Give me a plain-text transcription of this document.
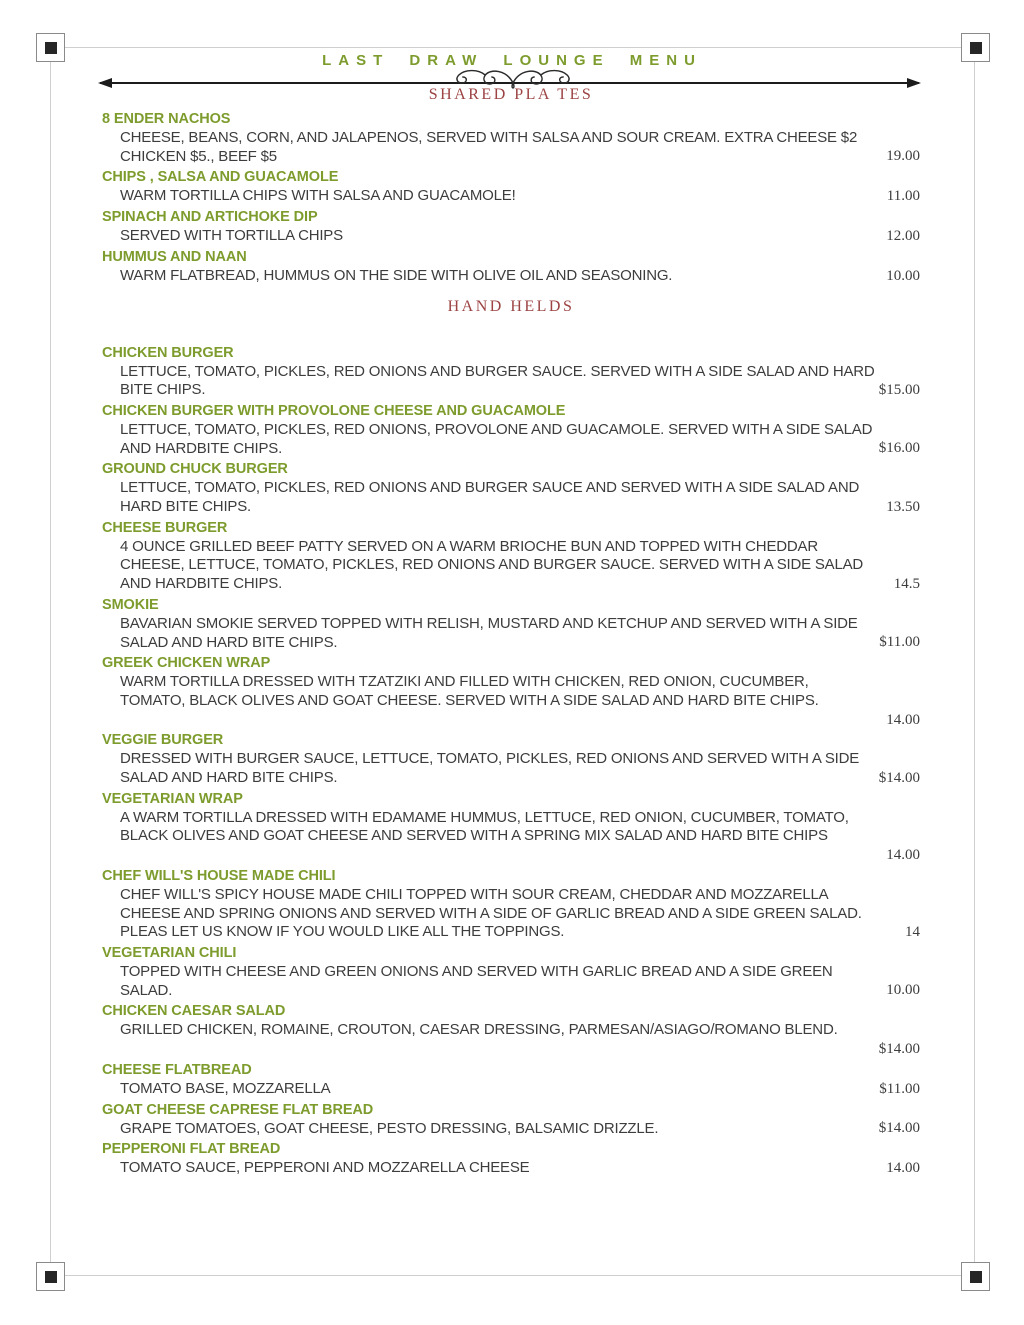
LAST DRAW LOUNGE MENU
SHARED PLA TES
8 ENDER NACHOS
CHEESE, BEANS, CORN, AND JALAPENOS, SERVED WITH SALSA AND SOUR CREAM. EXTRA CHEESE $2
CHICKEN $5., BEEF $5	19.00
CHIPS , SALSA AND GUACAMOLE
WARM TORTILLA CHIPS WITH SALSA AND GUACAMOLE!	11.00
SPINACH AND ARTICHOKE DIP
SERVED WITH TORTILLA CHIPS	12.00
HUMMUS AND NAAN
WARM FLATBREAD, HUMMUS ON THE SIDE WITH OLIVE OIL AND SEASONING.	10.00
HAND HELDS
CHICKEN BURGER
LETTUCE, TOMATO, PICKLES, RED ONIONS AND BURGER SAUCE. SERVED WITH A SIDE SALAD AND HARD
BITE CHIPS.	$15.00
CHICKEN BURGER WITH PROVOLONE CHEESE AND GUACAMOLE
LETTUCE, TOMATO, PICKLES, RED ONIONS, PROVOLONE AND GUACAMOLE. SERVED WITH A SIDE SALAD
AND HARDBITE CHIPS.	$16.00
GROUND CHUCK BURGER
LETTUCE, TOMATO, PICKLES, RED ONIONS AND BURGER SAUCE AND SERVED WITH A SIDE SALAD AND
HARD BITE CHIPS.	13.50
CHEESE BURGER
4 OUNCE GRILLED BEEF PATTY SERVED ON A WARM BRIOCHE BUN AND TOPPED WITH CHEDDAR
CHEESE, LETTUCE, TOMATO, PICKLES, RED ONIONS AND BURGER SAUCE. SERVED WITH A SIDE SALAD
AND HARDBITE CHIPS.	14.5
SMOKIE
BAVARIAN SMOKIE SERVED TOPPED WITH RELISH, MUSTARD AND KETCHUP AND SERVED WITH A SIDE
SALAD AND HARD BITE CHIPS.	$11.00
GREEK CHICKEN WRAP
WARM TORTILLA DRESSED WITH TZATZIKI AND FILLED WITH CHICKEN, RED ONION, CUCUMBER,
TOMATO, BLACK OLIVES AND GOAT CHEESE. SERVED WITH A SIDE SALAD AND HARD BITE CHIPS.
14.00
VEGGIE BURGER
DRESSED WITH BURGER SAUCE, LETTUCE, TOMATO, PICKLES, RED ONIONS AND SERVED WITH A SIDE
SALAD AND HARD BITE CHIPS.	$14.00
VEGETARIAN WRAP
A WARM TORTILLA DRESSED WITH EDAMAME HUMMUS, LETTUCE, RED ONION, CUCUMBER, TOMATO,
BLACK OLIVES AND GOAT CHEESE AND SERVED WITH A SPRING MIX SALAD AND HARD BITE CHIPS
14.00
CHEF WILL'S HOUSE MADE CHILI
CHEF WILL'S SPICY HOUSE MADE CHILI TOPPED WITH SOUR CREAM, CHEDDAR AND MOZZARELLA
CHEESE AND SPRING ONIONS AND SERVED WITH A SIDE OF GARLIC BREAD AND A SIDE GREEN SALAD.
PLEAS LET US KNOW IF YOU WOULD LIKE ALL THE TOPPINGS.	14
VEGETARIAN CHILI
TOPPED WITH CHEESE AND GREEN ONIONS AND SERVED WITH GARLIC BREAD AND A SIDE GREEN
SALAD.	10.00
CHICKEN CAESAR SALAD
GRILLED CHICKEN, ROMAINE, CROUTON, CAESAR DRESSING, PARMESAN/ASIAGO/ROMANO BLEND.
$14.00
CHEESE FLATBREAD
TOMATO BASE, MOZZARELLA	$11.00
GOAT CHEESE CAPRESE FLAT BREAD
GRAPE TOMATOES, GOAT CHEESE, PESTO DRESSING, BALSAMIC DRIZZLE.	$14.00
PEPPERONI FLAT BREAD
TOMATO SAUCE, PEPPERONI AND MOZZARELLA CHEESE	14.00
